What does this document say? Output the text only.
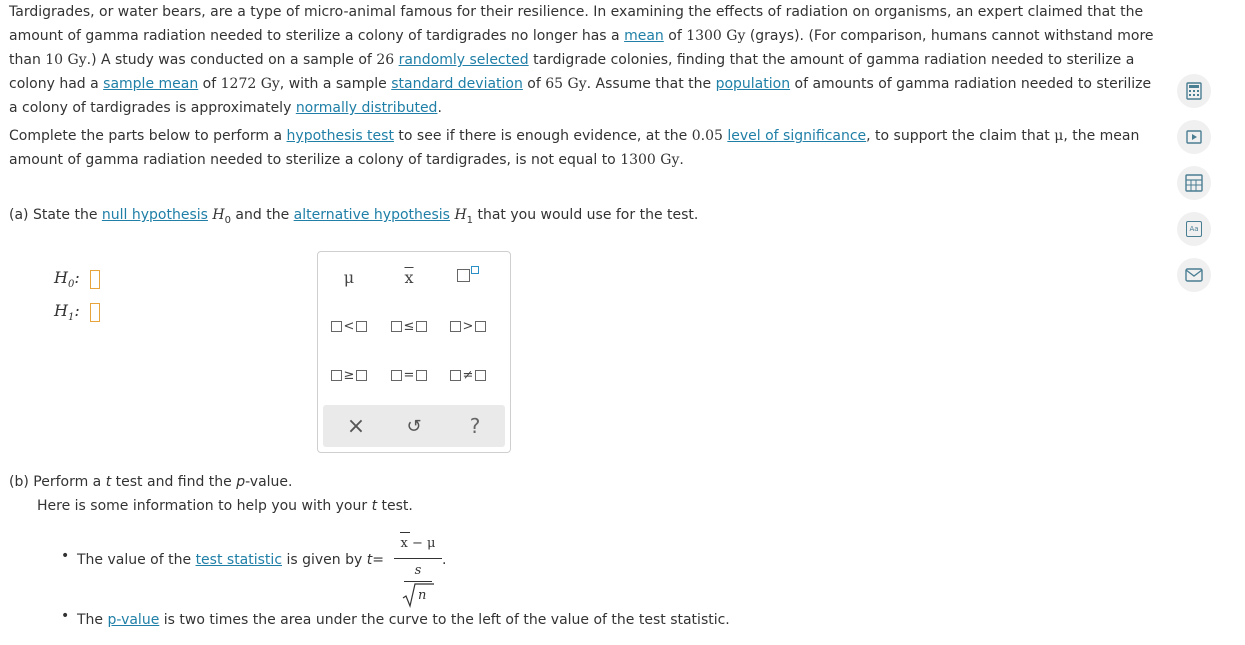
Tardigrades, or water bears, are a type of micro-animal famous for their resilience. In examining the effects of radiation on organisms, an expert claimed that the amount of gamma radiation needed to sterilize a colony of tardigrades no longer has a mean of 1300 Gy (grays). (For comparison, humans cannot withstand more than 10 Gy.) A study was conducted on a sample of 26 randomly selected tardigrade colonies, finding that the amount of gamma radiation needed to sterilize a colony had a sample mean of 1272 Gy, with a sample standard deviation of 65 Gy. Assume that the population of amounts of gamma radiation needed to sterilize a colony of tardigrades is approximately normally distributed.
Complete the parts below to perform a hypothesis test to see if there is enough evidence, at the 0.05 level of significance, to support the claim that μ, the mean amount of gamma radiation needed to sterilize a colony of tardigrades, is not equal to 1300 Gy.
(a) State the null hypothesis $H_0$ and the alternative hypothesis $H_1$ that you would use for the test.
$H_0$:
$H_1$:
μ	$\overline{x}$
<	≤	>
≥	=	≠
× ↺ ?
(b) Perform a t test and find the p-value.
Here is some information to help you with your t test.
• The value of the test statistic is given by t=
x − μ
s
n
.
• The p-value is two times the area under the curve to the left of the value of the test statistic.
Aa
